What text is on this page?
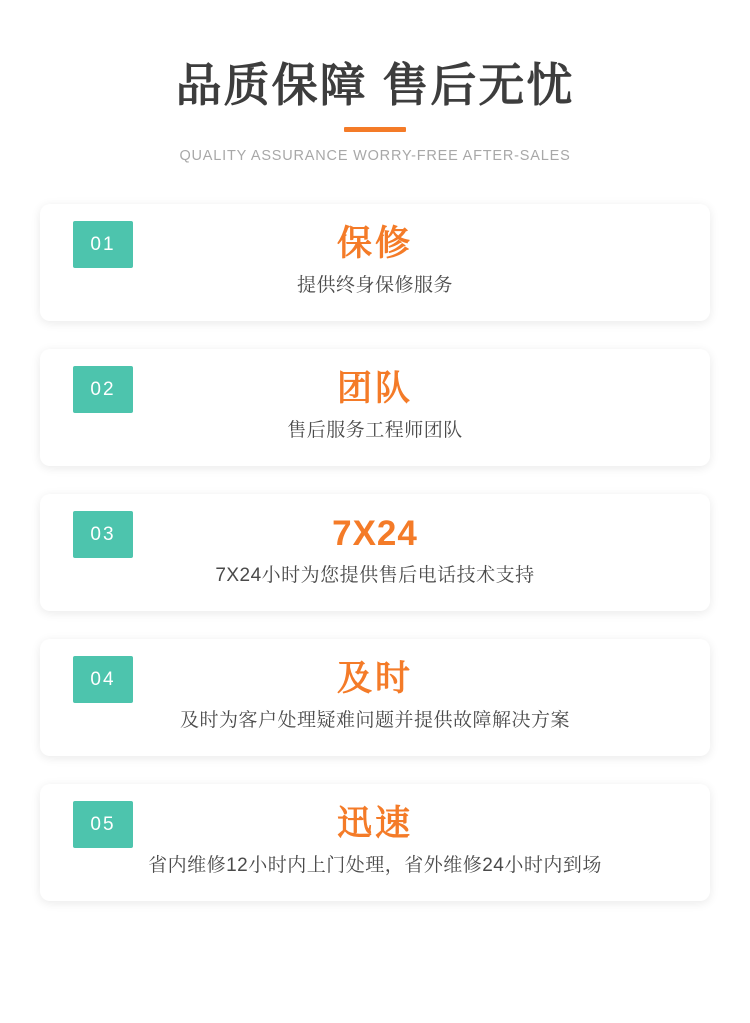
品质保障 售后无忧
QUALITY ASSURANCE WORRY-FREE AFTER-SALES
01	保修
提供终身保修服务
02	团队
售后服务工程师团队
03	7X24
7X24小时为您提供售后电话技术支持
04	及时
及时为客户处理疑难问题并提供故障解决方案
05	迅速
省内维修12小时内上门处理，省外维修24小时内到场
